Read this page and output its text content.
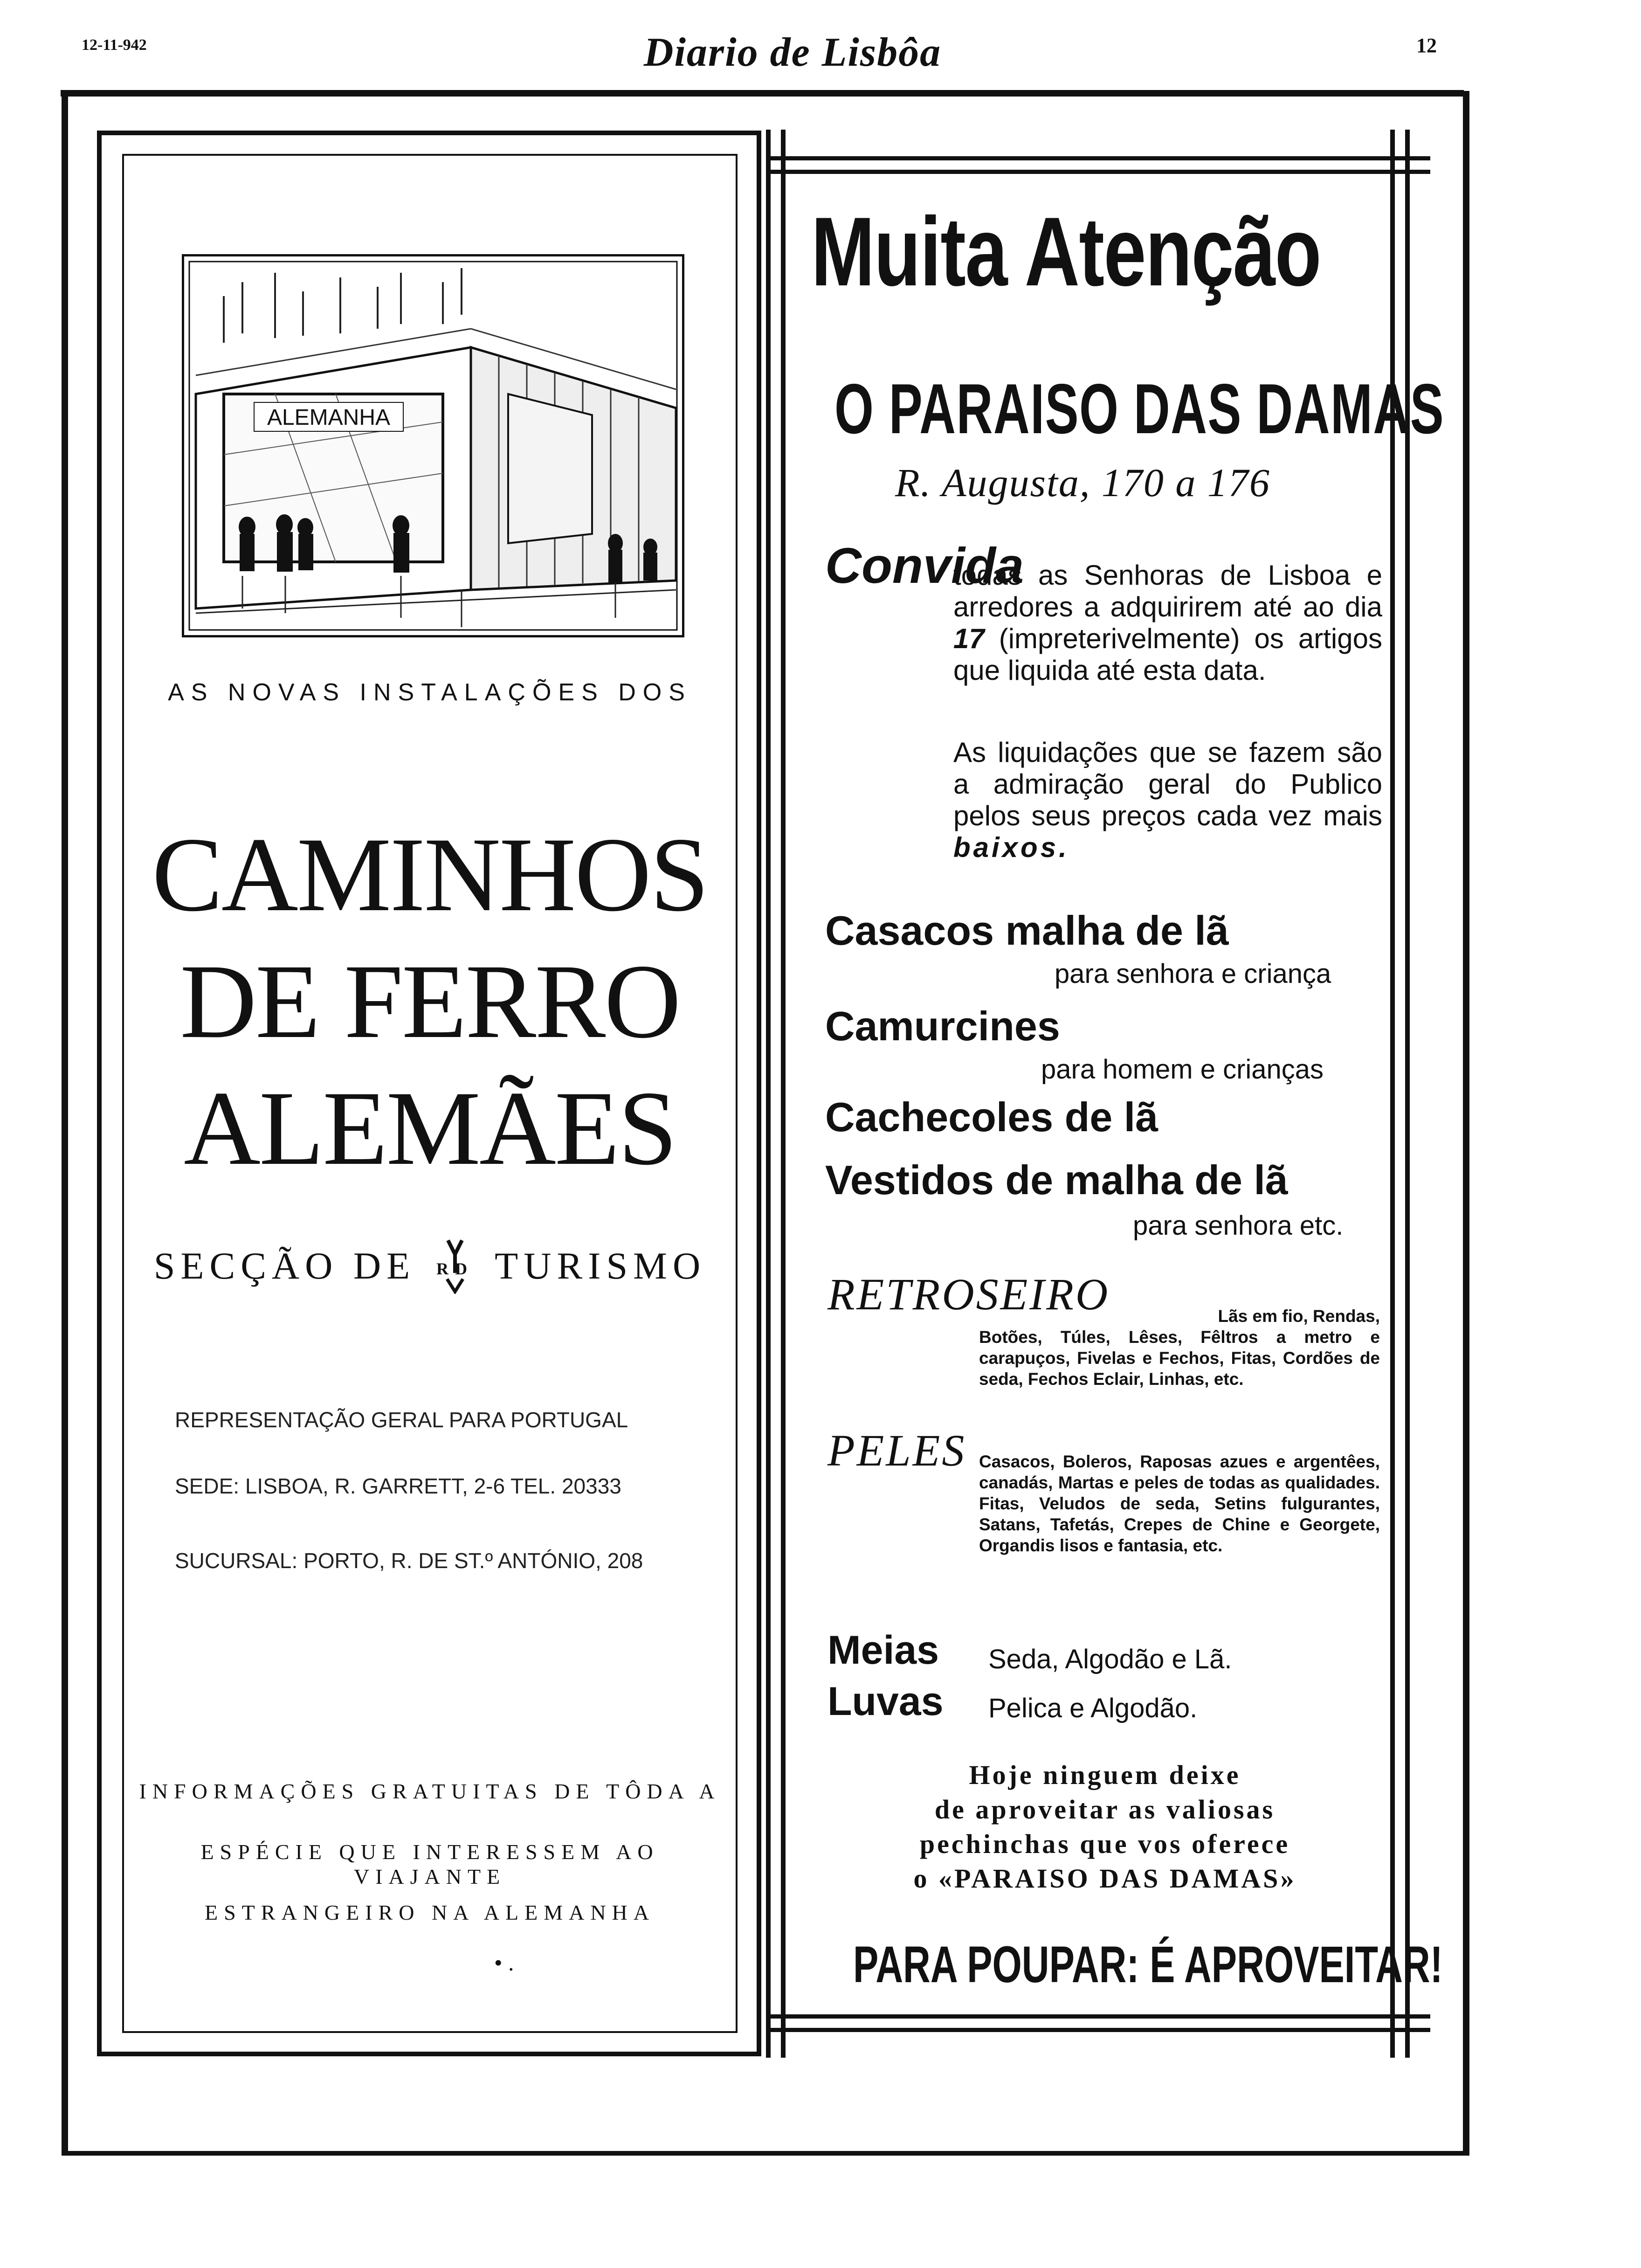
12-11-942	Diario de Lisbôa	12
ALEMANHA
AS NOVAS INSTALAÇÕES DOS
CAMINHOS
DE FERRO
ALEMÃES
SECÇÃO DE RD TURISMO
REPRESENTAÇÃO GERAL PARA PORTUGAL
SEDE: LISBOA, R. GARRETT, 2-6 TEL. 20333
SUCURSAL: PORTO, R. DE ST.º ANTÓNIO, 208
INFORMAÇÕES GRATUITAS DE TÔDA A
ESPÉCIE QUE INTERESSEM AO VIAJANTE
ESTRANGEIRO NA ALEMANHA
• .
Muita Atenção
O PARAISO DAS DAMAS
R. Augusta, 170 a 176
Convida
todas as Senhoras de Lisboa e arredores a adquirirem até ao dia 17 (impreterivelmente) os artigos que liquida até esta data.
As liquidações que se fazem são a admiração geral do Publico pelos seus preços cada vez mais baixos.
Casacos malha de lã
para senhora e criança
Camurcines
para homem e crianças
Cachecoles de lã
Vestidos de malha de lã
para senhora etc.
RETROSEIRO	Lãs em fio, Rendas,
Botões, Túles, Lêses, Fêltros a metro e carapuços, Fivelas e Fechos, Fitas, Cordões de seda, Fechos Eclair, Linhas, etc.
PELES Casacos, Boleros, Raposas azues e argentêes, canadás, Martas e peles de todas as qualidades. Fitas, Veludos de seda, Setins fulgurantes, Satans, Tafetás, Crepes de Chine e Georgete, Organdis lisos e fantasia, etc.
Meias Seda, Algodão e Lã.
Luvas Pelica e Algodão.
Hoje ninguem deixe
de aproveitar as valiosas
pechinchas que vos oferece
o «PARAISO DAS DAMAS»
PARA POUPAR: É APROVEITAR!
